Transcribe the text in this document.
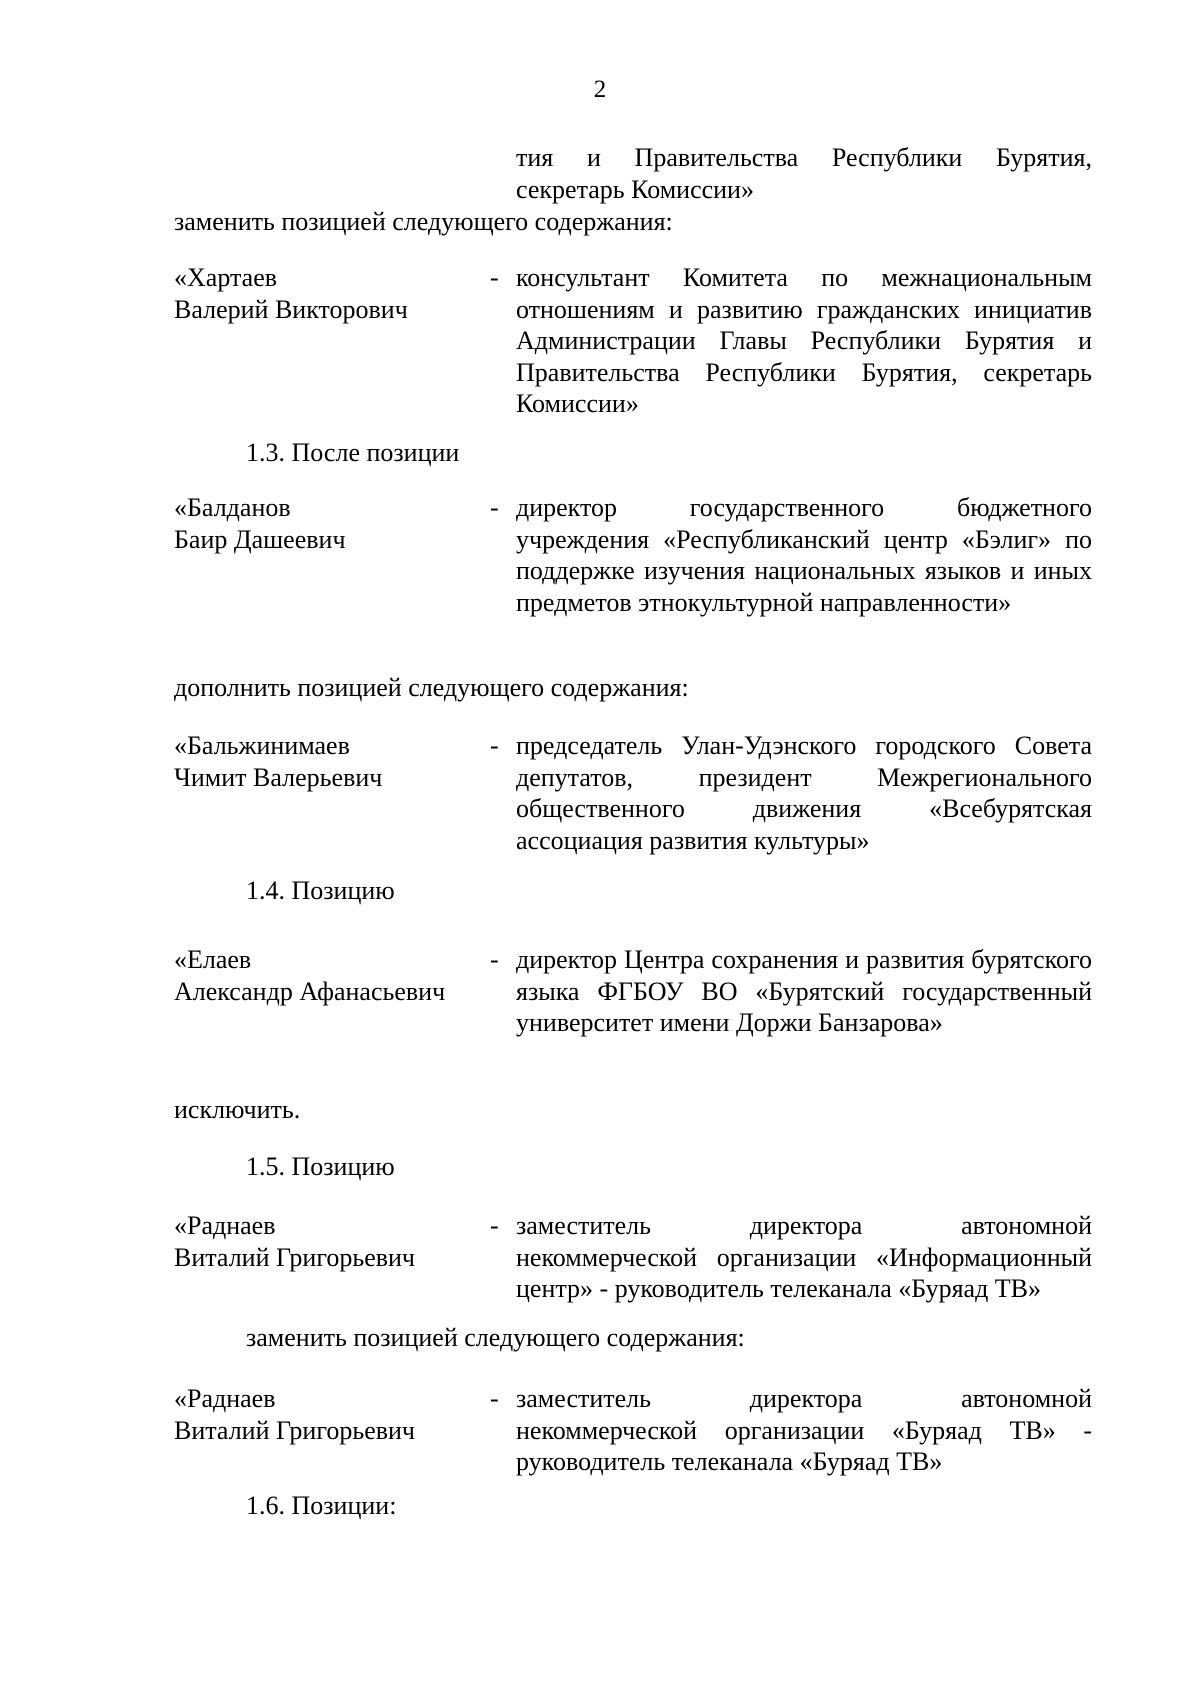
2
тия и Правительства Республики Бурятия, секретарь Комиссии»
заменить позицией следующего содержания:
«Хартаев
Валерий Викторович
- консультант Комитета по межнациональным отношениям и развитию гражданских инициатив Администрации Главы Республики Бурятия и Правительства Республики Бурятия, секретарь Комиссии»
1.3. После позиции
«Балданов
Баир Дашеевич
- директор государственного бюджетного учреждения «Республиканский центр «Бэлиг» по поддержке изучения национальных языков и иных предметов этнокультурной направленности»
дополнить позицией следующего содержания:
«Бальжинимаев
Чимит Валерьевич
- председатель Улан-Удэнского городского Совета депутатов, президент Межрегионального общественного движения «Всебурятская ассоциация развития культуры»
1.4. Позицию
«Елаев
Александр Афанасьевич
- директор Центра сохранения и развития бурятского языка ФГБОУ ВО «Бурятский государственный университет имени Доржи Банзарова»
исключить.
1.5. Позицию
«Раднаев
Виталий Григорьевич
- заместитель директора автономной некоммерческой организации «Информационный центр» - руководитель телеканала «Буряад ТВ»
заменить позицией следующего содержания:
«Раднаев
Виталий Григорьевич
- заместитель директора автономной некоммерческой организации «Буряад ТВ» - руководитель телеканала «Буряад ТВ»
1.6. Позиции:
